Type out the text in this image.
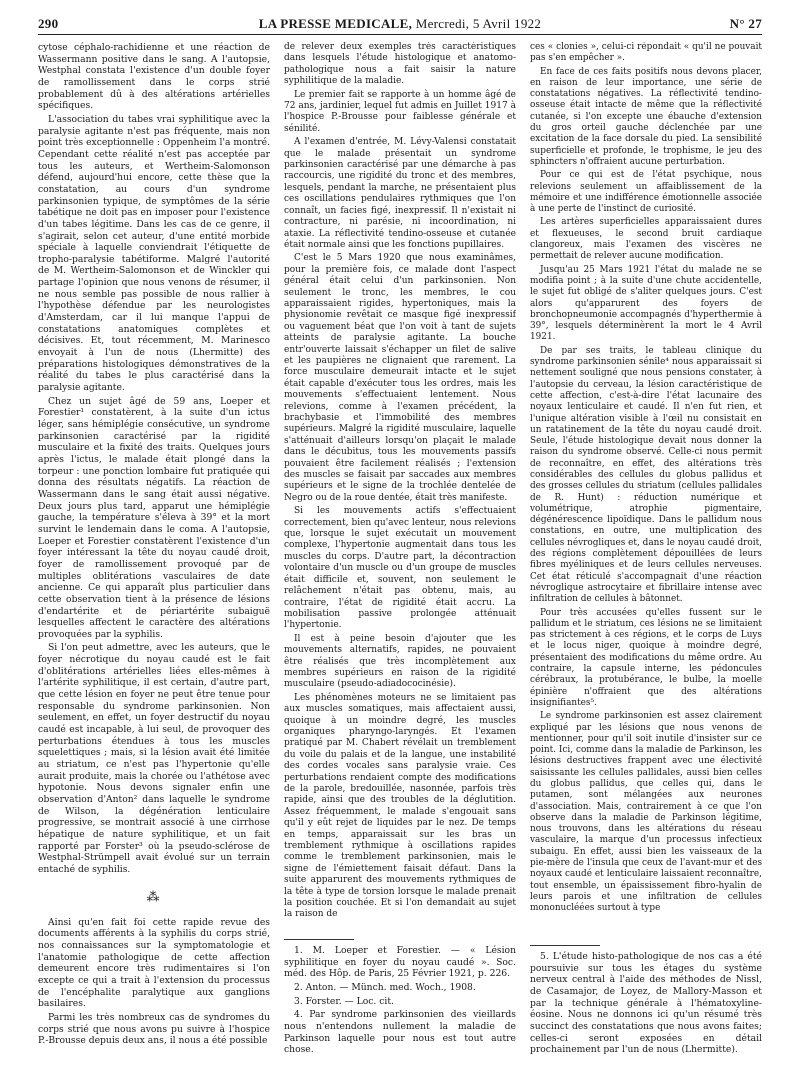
290	LA PRESSE MEDICALE, Mercredi, 5 Avril 1922	N° 27

cytose céphalo-rachidienne et une réaction de Wassermann positive dans le sang. A l'autopsie, Westphal constata l'existence d'un double foyer de ramollissement dans le corps strié probablement dû à des altérations artérielles spécifiques.

L'association du tabes vrai syphilitique avec la paralysie agitante n'est pas fréquente, mais non point très exceptionnelle : Oppenheim l'a montré. Cependant cette réalité n'est pas acceptée par tous les auteurs, et Wertheim-Salomonson défend, aujourd'hui encore, cette thèse que la constatation, au cours d'un syndrome parkinsonien typique, de symptômes de la série tabétique ne doit pas en imposer pour l'existence d'un tabes légitime. Dans les cas de ce genre, il s'agirait, selon cet auteur, d'une entité morbide spéciale à laquelle conviendrait l'étiquette de tropho-paralysie tabétiforme. Malgré l'autorité de M. Wertheim-Salomonson et de Winckler qui partage l'opinion que nous venons de résumer, il ne nous semble pas possible de nous rallier à l'hypothèse défendue par les neurologistes d'Amsterdam, car il lui manque l'appui de constatations anatomiques complètes et décisives. Et, tout récemment, M. Marinesco envoyait à l'un de nous (Lhermitte) des préparations histologiques démonstratives de la réalité du tabes le plus caractérisé dans la paralysie agitante.

Chez un sujet âgé de 59 ans, Loeper et Forestier¹ constatèrent, à la suite d'un ictus léger, sans hémiplégie consécutive, un syndrome parkinsonien caractérisé par la rigidité musculaire et la fixité des traits. Quelques jours après l'ictus, le malade était plongé dans la torpeur : une ponction lombaire fut pratiquée qui donna des résultats négatifs. La réaction de Wassermann dans le sang était aussi négative. Deux jours plus tard, apparut une hémiplégie gauche, la température s'éleva à 39° et la mort survint le lendemain dans le coma. A l'autopsie, Loeper et Forestier constatèrent l'existence d'un foyer intéressant la tête du noyau caudé droit, foyer de ramollissement provoqué par de multiples oblitérations vasculaires de date ancienne. Ce qui apparaît plus particulier dans cette observation tient à la présence de lésions d'endartérite et de périartérite subaiguë lesquelles affectent le caractère des altérations provoquées par la syphilis.

Si l'on peut admettre, avec les auteurs, que le foyer nécrotique du noyau caudé est le fait d'oblitérations artérielles liées elles-mêmes à l'artérite syphilitique, il est certain, d'autre part, que cette lésion en foyer ne peut être tenue pour responsable du syndrome parkinsonien. Non seulement, en effet, un foyer destructif du noyau caudé est incapable, à lui seul, de provoquer des perturbations étendues à tous les muscles squelettiques ; mais, si la lésion avait été limitée au striatum, ce n'est pas l'hypertonie qu'elle aurait produite, mais la chorée ou l'athétose avec hypotonie. Nous devons signaler enfin une observation d'Anton² dans laquelle le syndrome de Wilson, la dégénération lenticulaire progressive, se montrait associé à une cirrhose hépatique de nature syphilitique, et un fait rapporté par Forster³ où la pseudo-sclérose de Westphal-Strümpell avait évolué sur un terrain entaché de syphilis.

⁂

Ainsi qu'en fait foi cette rapide revue des documents afférents à la syphilis du corps strié, nos connaissances sur la symptomatologie et l'anatomie pathologique de cette affection demeurent encore très rudimentaires si l'on excepte ce qui a trait à l'extension du processus de l'encéphalite paralytique aux ganglions basilaires.

Parmi les très nombreux cas de syndromes du corps strié que nous avons pu suivre à l'hospice P.-Brousse depuis deux ans, il nous a été possible

de relever deux exemples très caractéristiques dans lesquels l'étude histologique et anatomo-pathologique nous a fait saisir la nature syphilitique de la maladie.

Le premier fait se rapporte à un homme âgé de 72 ans, jardinier, lequel fut admis en Juillet 1917 à l'hospice P.-Brousse pour faiblesse générale et sénilité.

A l'examen d'entrée, M. Lévy-Valensi constatait que le malade présentait un syndrome parkinsonien caractérisé par une démarche à pas raccourcis, une rigidité du tronc et des membres, lesquels, pendant la marche, ne présentaient plus ces oscillations pendulaires rythmiques que l'on connaît, un facies figé, inexpressif. Il n'existait ni contracture, ni parésie, ni incoordination, ni ataxie. La réflectivité tendino-osseuse et cutanée était normale ainsi que les fonctions pupillaires.

C'est le 5 Mars 1920 que nous examinâmes, pour la première fois, ce malade dont l'aspect général était celui d'un parkinsonien. Non seulement le tronc, les membres, le cou apparaissaient rigides, hypertoniques, mais la physionomie revêtait ce masque figé inexpressif ou vaguement béat que l'on voit à tant de sujets atteints de paralysie agitante. La bouche entr'ouverte laissait s'échapper un filet de salive et les paupières ne clignaient que rarement. La force musculaire demeurait intacte et le sujet était capable d'exécuter tous les ordres, mais les mouvements s'effectuaient lentement. Nous relevions, comme à l'examen précédent, la brachybasie et l'immobilité des membres supérieurs. Malgré la rigidité musculaire, laquelle s'atténuait d'ailleurs lorsqu'on plaçait le malade dans le décubitus, tous les mouvements passifs pouvaient être facilement réalisés ; l'extension des muscles se faisait par saccades aux membres supérieurs et le signe de la trochlée dentelée de Negro ou de la roue dentée, était très manifeste.

Si les mouvements actifs s'effectuaient correctement, bien qu'avec lenteur, nous relevions que, lorsque le sujet exécutait un mouvement complexe, l'hypertonie augmentait dans tous les muscles du corps. D'autre part, la décontraction volontaire d'un muscle ou d'un groupe de muscles était difficile et, souvent, non seulement le relâchement n'était pas obtenu, mais, au contraire, l'état de rigidité était accru. La mobilisation passive prolongée atténuait l'hypertonie.

Il est à peine besoin d'ajouter que les mouvements alternatifs, rapides, ne pouvaient être réalisés que très incomplètement aux membres supérieurs en raison de la rigidité musculaire (pseudo-adiadococinésie).

Les phénomènes moteurs ne se limitaient pas aux muscles somatiques, mais affectaient aussi, quoique à un moindre degré, les muscles organiques pharyngo-laryngés. Et l'examen pratiqué par M. Chabert révélait un tremblement du voile du palais et de la langue, une instabilité des cordes vocales sans paralysie vraie. Ces perturbations rendaient compte des modifications de la parole, bredouillée, nasonnée, parfois très rapide, ainsi que des troubles de la déglutition. Assez fréquemment, le malade s'engouait sans qu'il y eût rejet de liquides par le nez. De temps en temps, apparaissait sur les bras un tremblement rythmique à oscillations rapides comme le tremblement parkinsonien, mais le signe de l'émiettement faisait défaut. Dans la suite apparurent des mouvements rythmiques de la tête à type de torsion lorsque le malade prenait la position couchée. Et si l'on demandait au sujet la raison de

1. M. Loeper et Forestier. — « Lésion syphilitique en foyer du noyau caudé ». Soc. méd. des Hôp. de Paris, 25 Février 1921, p. 226.

2. Anton. — Münch. med. Woch., 1908.

3. Forster. — Loc. cit.

4. Par syndrome parkinsonien des vieillards nous n'entendons nullement la maladie de Parkinson laquelle pour nous est tout autre chose.

ces « clonies », celui-ci répondait « qu'il ne pouvait pas s'en empêcher ».

En face de ces faits positifs nous devons placer, en raison de leur importance, une série de constatations négatives. La réflectivité tendino-osseuse était intacte de même que la réflectivité cutanée, si l'on excepte une ébauche d'extension du gros orteil gauche déclenchée par une excitation de la face dorsale du pied. La sensibilité superficielle et profonde, le trophisme, le jeu des sphincters n'offraient aucune perturbation.

Pour ce qui est de l'état psychique, nous relevions seulement un affaiblissement de la mémoire et une indifférence émotionnelle associée à une perte de l'instinct de curiosité.

Les artères superficielles apparaissaient dures et flexueuses, le second bruit cardiaque clangoreux, mais l'examen des viscères ne permettait de relever aucune modification.

Jusqu'au 25 Mars 1921 l'état du malade ne se modifia point ; à la suite d'une chute accidentelle, le sujet fut obligé de s'aliter quelques jours. C'est alors qu'apparurent des foyers de bronchopneumonie accompagnés d'hyperthermie à 39°, lesquels déterminèrent la mort le 4 Avril 1921.

De par ses traits, le tableau clinique du syndrome parkinsonien sénile⁴ nous apparaissait si nettement souligné que nous pensions constater, à l'autopsie du cerveau, la lésion caractéristique de cette affection, c'est-à-dire l'état lacunaire des noyaux lenticulaire et caudé. Il n'en fut rien, et l'unique altération visible à l'œil nu consistait en un ratatinement de la tête du noyau caudé droit. Seule, l'étude histologique devait nous donner la raison du syndrome observé. Celle-ci nous permit de reconnaître, en effet, des altérations très considérables des cellules du globus pallidus et des grosses cellules du striatum (cellules pallidales de R. Hunt) : réduction numérique et volumétrique, atrophie pigmentaire, dégénérescence lipoïdique. Dans le pallidum nous constations, en outre, une multiplication des cellules névrogliques et, dans le noyau caudé droit, des régions complètement dépouillées de leurs fibres myéliniques et de leurs cellules nerveuses. Cet état réticulé s'accompagnait d'une réaction névroglique astrocytaire et fibrillaire intense avec infiltration de cellules à bâtonnet.

Pour très accusées qu'elles fussent sur le pallidum et le striatum, ces lésions ne se limitaient pas strictement à ces régions, et le corps de Luys et le locus niger, quoique à moindre degré, présentaient des modifications du même ordre. Au contraire, la capsule interne, les pédoncules cérébraux, la protubérance, le bulbe, la moelle épinière n'offraient que des altérations insignifiantes⁵.

Le syndrome parkinsonien est assez clairement expliqué par les lésions que nous venons de mentionner, pour qu'il soit inutile d'insister sur ce point. Ici, comme dans la maladie de Parkinson, les lésions destructives frappent avec une électivité saisissante les cellules pallidales, aussi bien celles du globus pallidus, que celles qui, dans le putamen, sont mélangées aux neurones d'association. Mais, contrairement à ce que l'on observe dans la maladie de Parkinson légitime, nous trouvons, dans les altérations du réseau vasculaire, la marque d'un processus infectieux subaigu. En effet, aussi bien les vaisseaux de la pie-mère de l'insula que ceux de l'avant-mur et des noyaux caudé et lenticulaire laissaient reconnaître, tout ensemble, un épaississement fibro-hyalin de leurs parois et une infiltration de cellules mononucléées surtout à type

5. L'étude histo-pathologique de nos cas a été poursuivie sur tous les étages du système nerveux central à l'aide des méthodes de Nissl, de Casamajor, de Loyez, de Mallory-Masson et par la technique générale à l'hématoxyline-éosine. Nous ne donnons ici qu'un résumé très succinct des constatations que nous avons faites; celles-ci seront exposées en détail prochainement par l'un de nous (Lhermitte).
